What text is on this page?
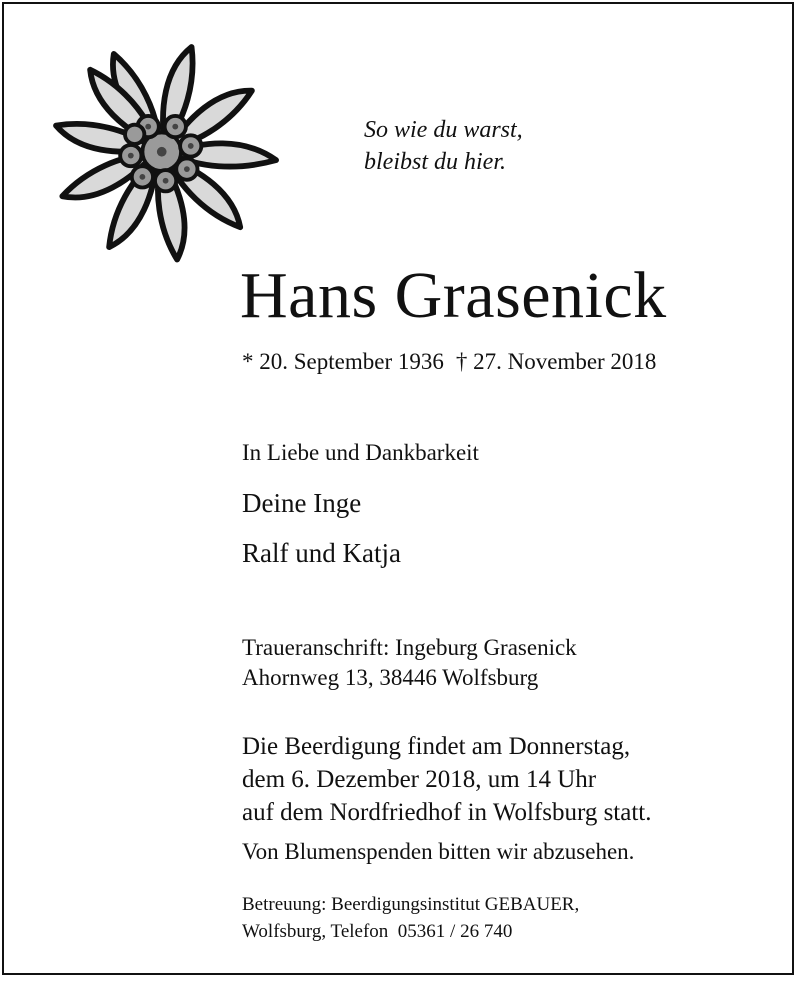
So wie du warst,
bleibst du hier.
Hans Grasenick
* 20. September 1936 † 27. November 2018
In Liebe und Dankbarkeit
Deine Inge
Ralf und Katja
Traueranschrift: Ingeburg Grasenick
Ahornweg 13, 38446 Wolfsburg
Die Beerdigung findet am Donnerstag,
dem 6. Dezember 2018, um 14 Uhr
auf dem Nordfriedhof in Wolfsburg statt.
Von Blumenspenden bitten wir abzusehen.
Betreuung: Beerdigungsinstitut GEBAUER,
Wolfsburg, Telefon  05361 / 26 740
